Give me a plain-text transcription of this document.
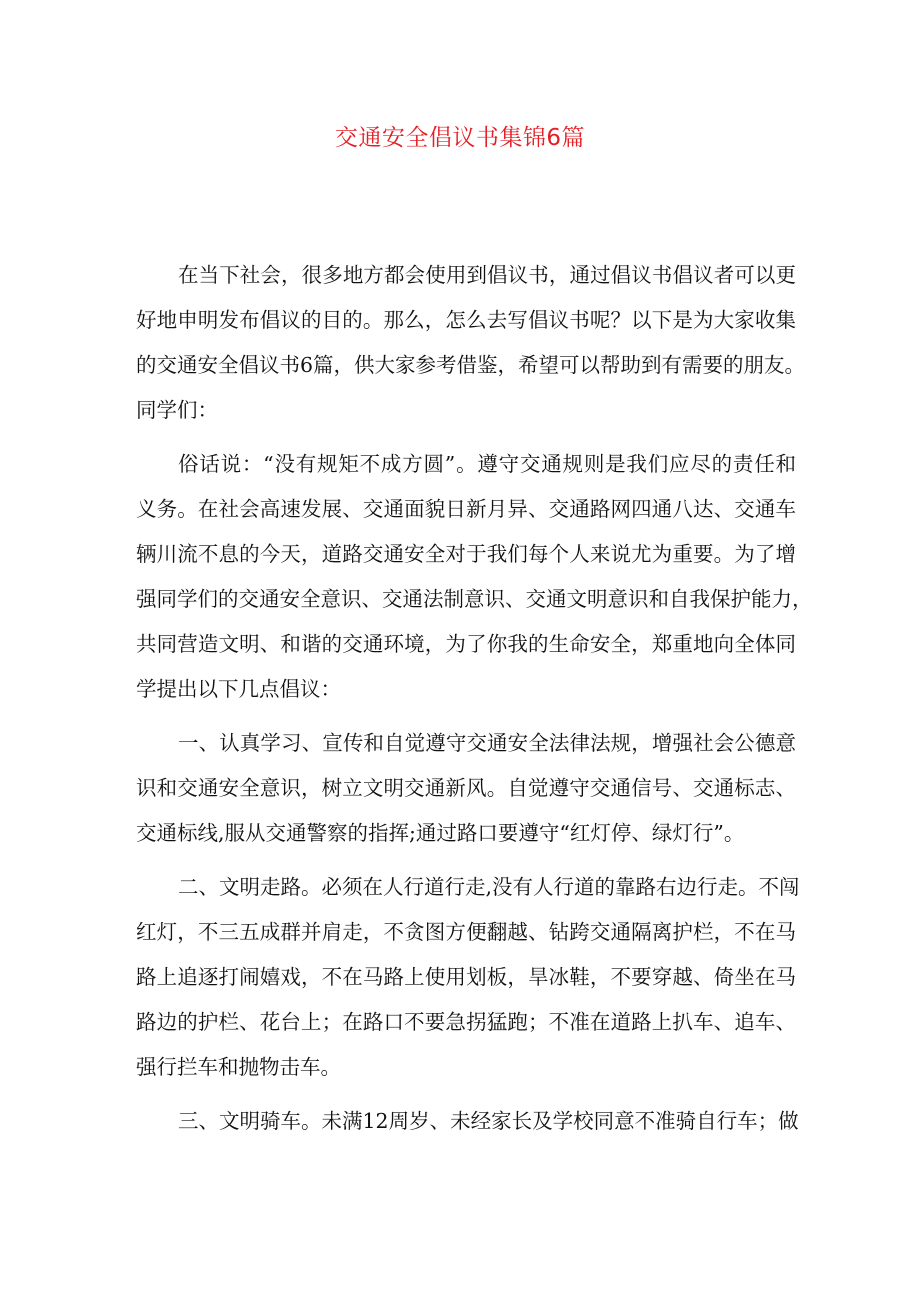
交通安全倡议书集锦6篇
在当下社会，很多地方都会使用到倡议书，通过倡议书倡议者可以更
好地申明发布倡议的目的。那么，怎么去写倡议书呢？以下是为大家收集
的交通安全倡议书6篇，供大家参考借鉴，希望可以帮助到有需要的朋友。
同学们：
俗话说：“没有规矩不成方圆”。遵守交通规则是我们应尽的责任和
义务。在社会高速发展、交通面貌日新月异、交通路网四通八达、交通车
辆川流不息的今天，道路交通安全对于我们每个人来说尤为重要。为了增
强同学们的交通安全意识、交通法制意识、交通文明意识和自我保护能力，
共同营造文明、和谐的交通环境，为了你我的生命安全，郑重地向全体同
学提出以下几点倡议：
一、认真学习、宣传和自觉遵守交通安全法律法规，增强社会公德意
识和交通安全意识，树立文明交通新风。自觉遵守交通信号、交通标志、
交通标线,服从交通警察的指挥;通过路口要遵守“红灯停、绿灯行”。
二、文明走路。必须在人行道行走,没有人行道的靠路右边行走。不闯
红灯，不三五成群并肩走，不贪图方便翻越、钻跨交通隔离护栏，不在马
路上追逐打闹嬉戏，不在马路上使用划板，旱冰鞋，不要穿越、倚坐在马
路边的护栏、花台上；在路口不要急拐猛跑；不准在道路上扒车、追车、
强行拦车和抛物击车。
三、文明骑车。未满12周岁、未经家长及学校同意不准骑自行车；做
